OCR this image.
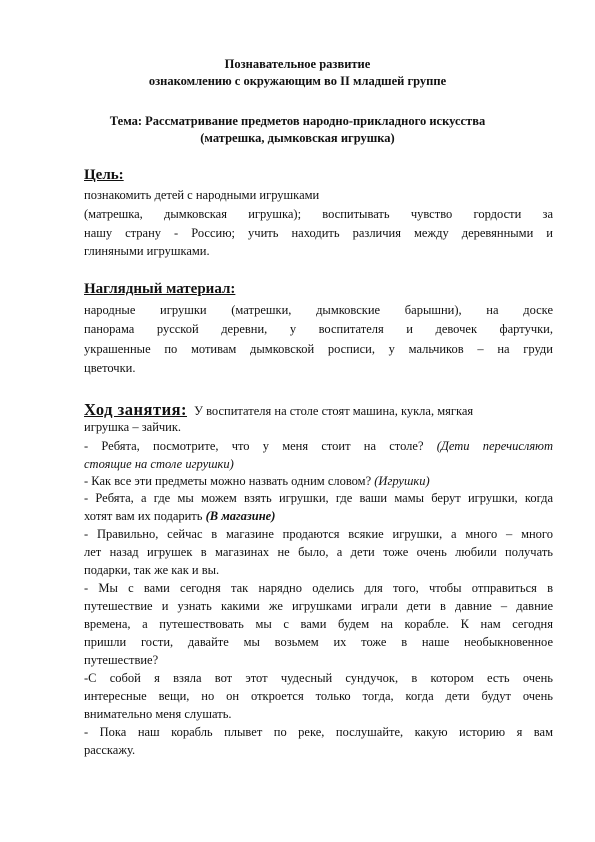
Познавательное развитие
ознакомлению с окружающим во II младшей группе
Тема: Рассматривание предметов народно-прикладного искусства
(матрешка, дымковская игрушка)
Цель:
познакомить детей с народными игрушками
(матрешка, дымковская игрушка); воспитывать чувство гордости за
нашу страну - Россию; учить находить различия между деревянными и
глиняными игрушками.
Наглядный материал:
народные игрушки (матрешки, дымковские барышни), на доске
панорама русской деревни, у воспитателя и девочек фартучки,
украшенные по мотивам дымковской росписи, у мальчиков – на груди
цветочки.
Ход занятия: У воспитателя на столе стоят машина, кукла, мягкая
игрушка – зайчик.
- Ребята, посмотрите, что у меня стоит на столе? (Дети перечисляют
стоящие на столе игрушки)
- Как все эти предметы можно назвать одним словом? (Игрушки)
- Ребята, а где мы можем взять игрушки, где ваши мамы берут игрушки, когда
хотят вам их подарить (В магазине)
- Правильно, сейчас в магазине продаются всякие игрушки, а много – много
лет назад игрушек в магазинах не было, а дети тоже очень любили получать
подарки, так же как и вы.
- Мы с вами сегодня так нарядно оделись для того, чтобы отправиться в
путешествие и узнать какими же игрушками играли дети в давние – давние
времена, а путешествовать мы с вами будем на корабле. К нам сегодня
пришли гости, давайте мы возьмем их тоже в наше необыкновенное
путешествие?
-С собой я взяла вот этот чудесный сундучок, в котором есть очень
интересные вещи, но он откроется только тогда, когда дети будут очень
внимательно меня слушать.
- Пока наш корабль плывет по реке, послушайте, какую историю я вам
расскажу.
